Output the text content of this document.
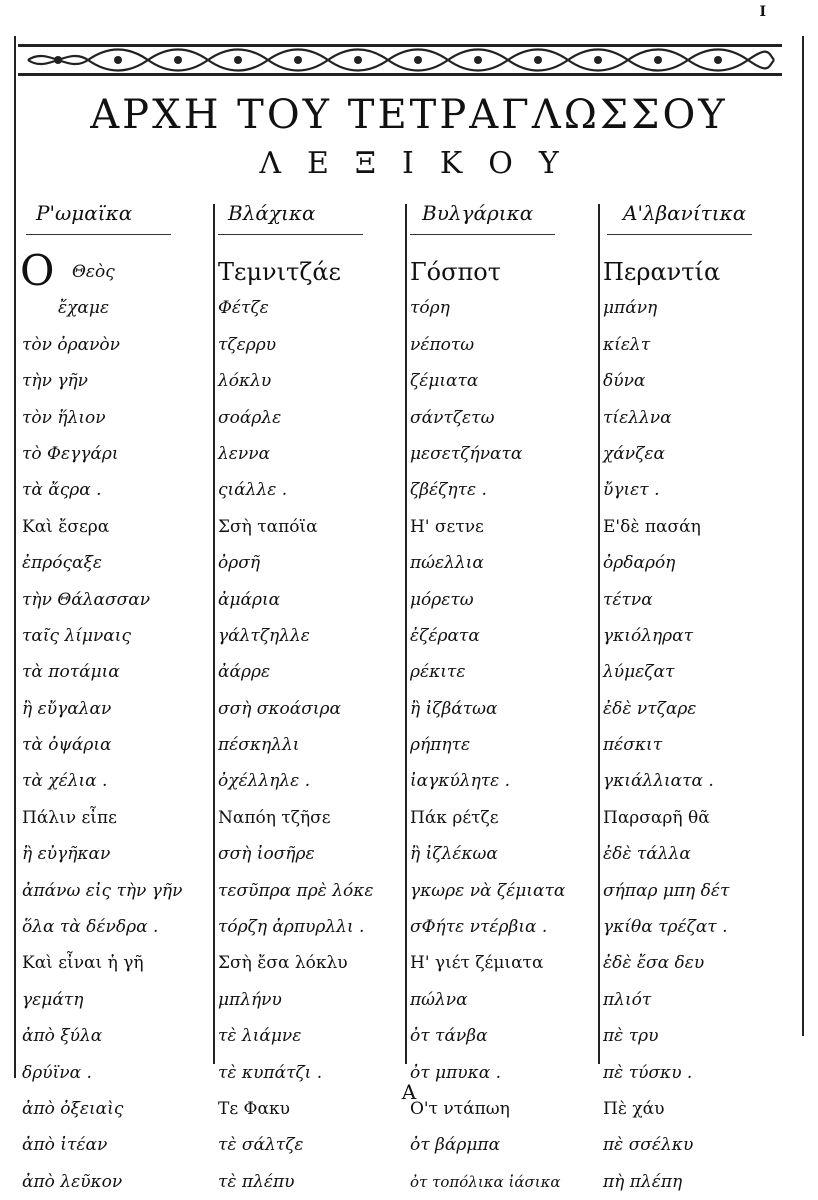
I
ΑΡΧΗ ΤΟΥ ΤΕΤΡΑΓΛΩΣΣΟΥ
ΛΕΞΙΚΟΥ
Ρ'ωμαϊκα
Ο	Θεὸς
ἔχαμε
τὸν ὀρανὸν
τὴν γῆν
τὸν ἥλιον
τὸ Φεγγάρι
τὰ ἄςρα .
Καὶ ἔσερα
ἐπρόςαξε
τὴν Θάλασσαν
ταῖς λίμναις
τὰ ποτάμια
ἢ εὔγαλαν
τὰ ὀψάρια
τὰ χέλια .
Πάλιν εἶπε
ἢ εὐγῆκαν
ἀπάνω εἰς τὴν γῆν
ὅλα τὰ δένδρα .
Καὶ εἶναι ἡ γῆ
γεμάτη
ἀπὸ ξύλα
δρύϊνα .
ἀπὸ ὀξειαὶς
ἀπὸ ἰτέαν
ἀπὸ λεῦκον
Βλάχικα
Τεμνιτζάε
Φέτζε
τζερρυ
λόκλυ
σοάρλε
λεννα
ςιάλλε .
Σσὴ ταπόϊα
ὀρσῆ
ἀμάρια
γάλτζηλλε
ἀάρρε
σσὴ σκοάσιρα
πέσκηλλι
ὀχέλληλε .
Ναπόη τζῆσε
σσὴ ἰοσῆρε
τεσῦπρα πρὲ λόκε
τόρζη ἀρπυρλλι .
Σσὴ ἔσα λόκλυ
μπλήνυ
τὲ λιάμνε
τὲ κυπάτζι .
Τε Φακυ
τὲ σάλτζε
τὲ πλέπυ
Βυλγάρικα
Γόσποτ
τόρη
νέποτω
ζέμιατα
σάντζετω
μεσετζήνατα
ζβέζητε .
Η' σετνε
πώελλια
μόρετω
ἐζέρατα
ρέκιτε
ἢ ἰζβάτωα
ρήπητε
ἰαγκύλητε .
Πάκ ρέτζε
ἢ ἰζλέκωα
γκωρε νὰ ζέμιατα
σΦήτε ντέρβια .
Η' γιέτ ζέμιατα
πώλνα
ὀτ τάνβα
ὀτ μπυκα .
Ο'τ ντάπωη
ὀτ βάρμπα
ὀτ τοπόλικα ἰάσικα
Α'λβανίτικα
Περαντία
μπάνη
κίελτ
δύνα
τίελλνα
χάνζεα
ὔγιετ .
Ε'δὲ πασάη
ὀρδαρόη
τέτνα
γκιόληρατ
λύμεζατ
ἐδὲ ντζαρε
πέσκιτ
γκιάλλιατα .
Παρσαρῆ θᾶ
ἐδὲ τάλλα
σήπαρ μπη δέτ
γκίθα τρέζατ .
ἐδὲ ἔσα δευ
πλιότ
πὲ τρυ
πὲ τύσκυ .
Πὲ χάυ
πὲ σσέλκυ
πὴ πλέπη
Α
